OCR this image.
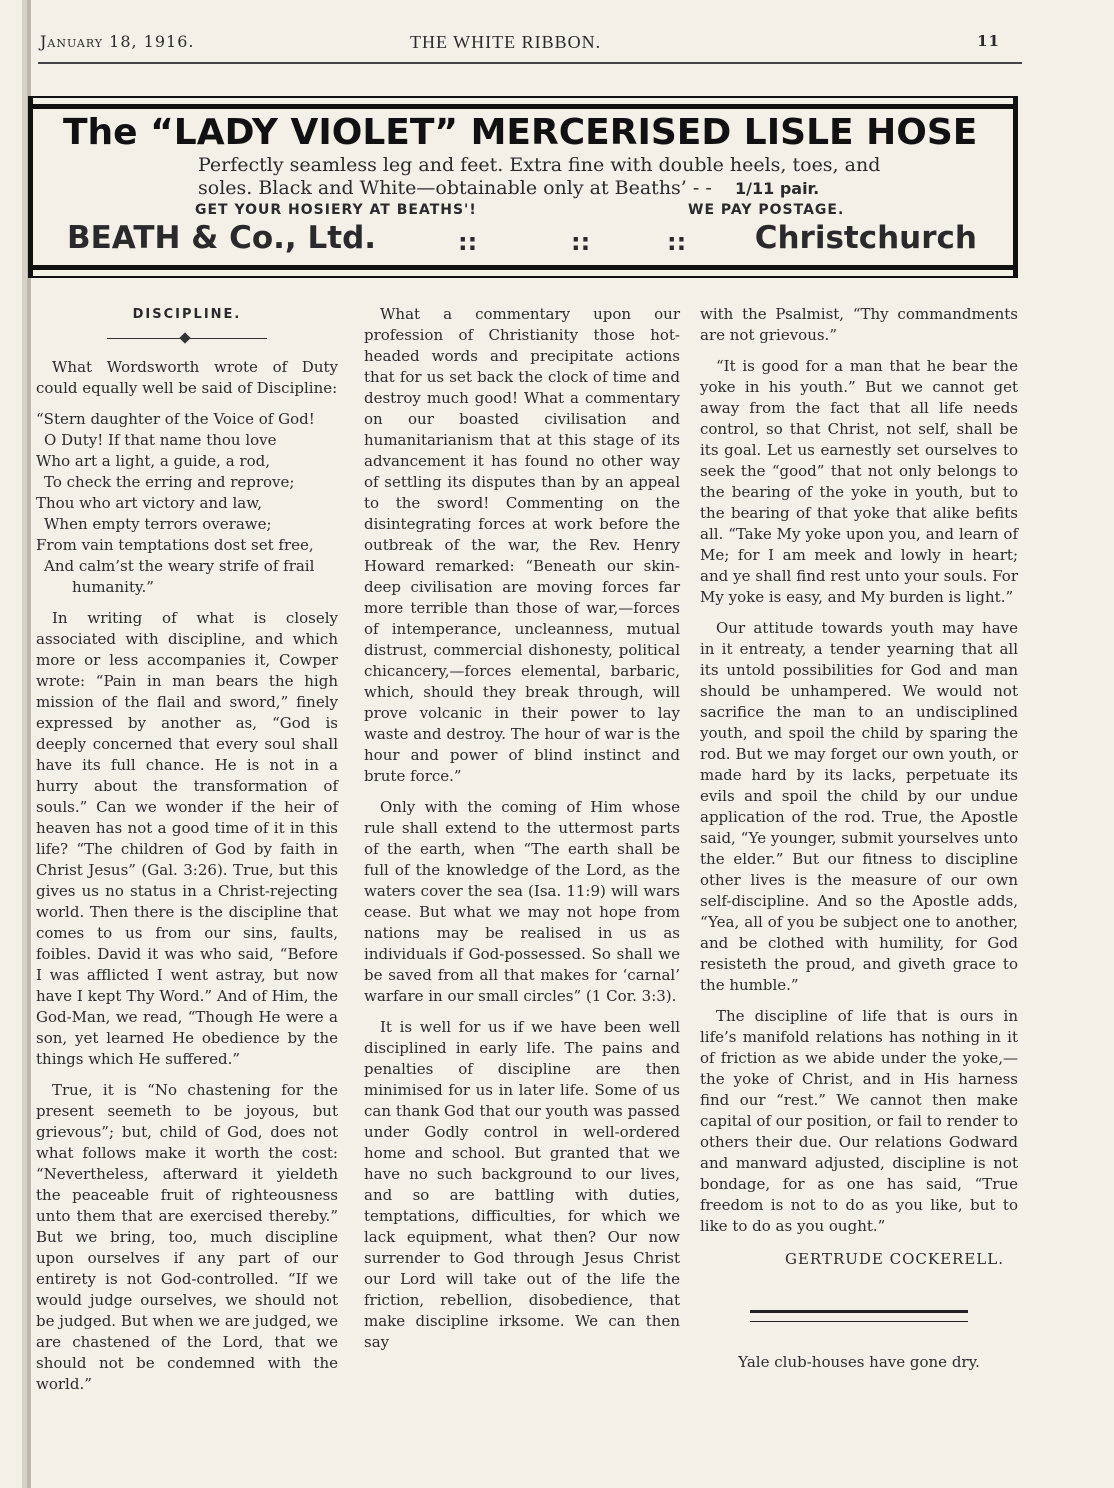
January 18, 1916.	THE WHITE RIBBON.	11
The “LADY VIOLET” MERCERISED LISLE HOSE
Perfectly seamless leg and feet. Extra fine with double heels, toes, and
soles. Black and White—obtainable only at Beaths’ - - 1/11 pair.
GET YOUR HOSIERY AT BEATHS'!	WE PAY POSTAGE.
BEATH & Co., Ltd.	::	::	:: Christchurch
DISCIPLINE.

What Wordsworth wrote of Duty could equally well be said of Discipline:

“Stern daughter of the Voice of God!
O Duty! If that name thou love
Who art a light, a guide, a rod,
To check the erring and reprove;
Thou who art victory and law,
When empty terrors overawe;
From vain temptations dost set free,
And calm’st the weary strife of frail
humanity.”

In writing of what is closely associated with discipline, and which more or less accompanies it, Cowper wrote: “Pain in man bears the high mission of the flail and sword,” finely expressed by another as, “God is deeply concerned that every soul shall have its full chance. He is not in a hurry about the transformation of souls.” Can we wonder if the heir of heaven has not a good time of it in this life? “The children of God by faith in Christ Jesus” (Gal. 3:26). True, but this gives us no status in a Christ-rejecting world. Then there is the discipline that comes to us from our sins, faults, foibles. David it was who said, “Before I was afflicted I went astray, but now have I kept Thy Word.” And of Him, the God-Man, we read, “Though He were a son, yet learned He obedience by the things which He suffered.”

True, it is “No chastening for the present seemeth to be joyous, but grievous”; but, child of God, does not what follows make it worth the cost: “Nevertheless, afterward it yieldeth the peaceable fruit of righteousness unto them that are exercised thereby.” But we bring, too, much discipline upon ourselves if any part of our entirety is not God-controlled. “If we would judge ourselves, we should not be judged. But when we are judged, we are chastened of the Lord, that we should not be condemned with the world.”

What a commentary upon our profession of Christianity those hot-headed words and precipitate actions that for us set back the clock of time and destroy much good! What a commentary on our boasted civilisation and humanitarianism that at this stage of its advancement it has found no other way of settling its disputes than by an appeal to the sword! Commenting on the disintegrating forces at work before the outbreak of the war, the Rev. Henry Howard remarked: “Beneath our skin-deep civilisation are moving forces far more terrible than those of war,—forces of intemperance, uncleanness, mutual distrust, commercial dishonesty, political chicancery,—forces elemental, barbaric, which, should they break through, will prove volcanic in their power to lay waste and destroy. The hour of war is the hour and power of blind instinct and brute force.”

Only with the coming of Him whose rule shall extend to the uttermost parts of the earth, when “The earth shall be full of the knowledge of the Lord, as the waters cover the sea (Isa. 11:9) will wars cease. But what we may not hope from nations may be realised in us as individuals if God-possessed. So shall we be saved from all that makes for ‘carnal’ warfare in our small circles” (1 Cor. 3:3).

It is well for us if we have been well disciplined in early life. The pains and penalties of discipline are then minimised for us in later life. Some of us can thank God that our youth was passed under Godly control in well-ordered home and school. But granted that we have no such background to our lives, and so are battling with duties, temptations, difficulties, for which we lack equipment, what then? Our now surrender to God through Jesus Christ our Lord will take out of the life the friction, rebellion, disobedience, that make discipline irksome. We can then say

with the Psalmist, “Thy commandments are not grievous.”

“It is good for a man that he bear the yoke in his youth.” But we cannot get away from the fact that all life needs control, so that Christ, not self, shall be its goal. Let us earnestly set ourselves to seek the “good” that not only belongs to the bearing of the yoke in youth, but to the bearing of that yoke that alike befits all. “Take My yoke upon you, and learn of Me; for I am meek and lowly in heart; and ye shall find rest unto your souls. For My yoke is easy, and My burden is light.”

Our attitude towards youth may have in it entreaty, a tender yearning that all its untold possibilities for God and man should be unhampered. We would not sacrifice the man to an undisciplined youth, and spoil the child by sparing the rod. But we may forget our own youth, or made hard by its lacks, perpetuate its evils and spoil the child by our undue application of the rod. True, the Apostle said, “Ye younger, submit yourselves unto the elder.” But our fitness to discipline other lives is the measure of our own self-discipline. And so the Apostle adds, “Yea, all of you be subject one to another, and be clothed with humility, for God resisteth the proud, and giveth grace to the humble.”

The discipline of life that is ours in life’s manifold relations has nothing in it of friction as we abide under the yoke,—the yoke of Christ, and in His harness find our “rest.” We cannot then make capital of our position, or fail to render to others their due. Our relations Godward and manward adjusted, discipline is not bondage, for as one has said, “True freedom is not to do as you like, but to like to do as you ought.”

GERTRUDE COCKERELL.
Yale club-houses have gone dry.
